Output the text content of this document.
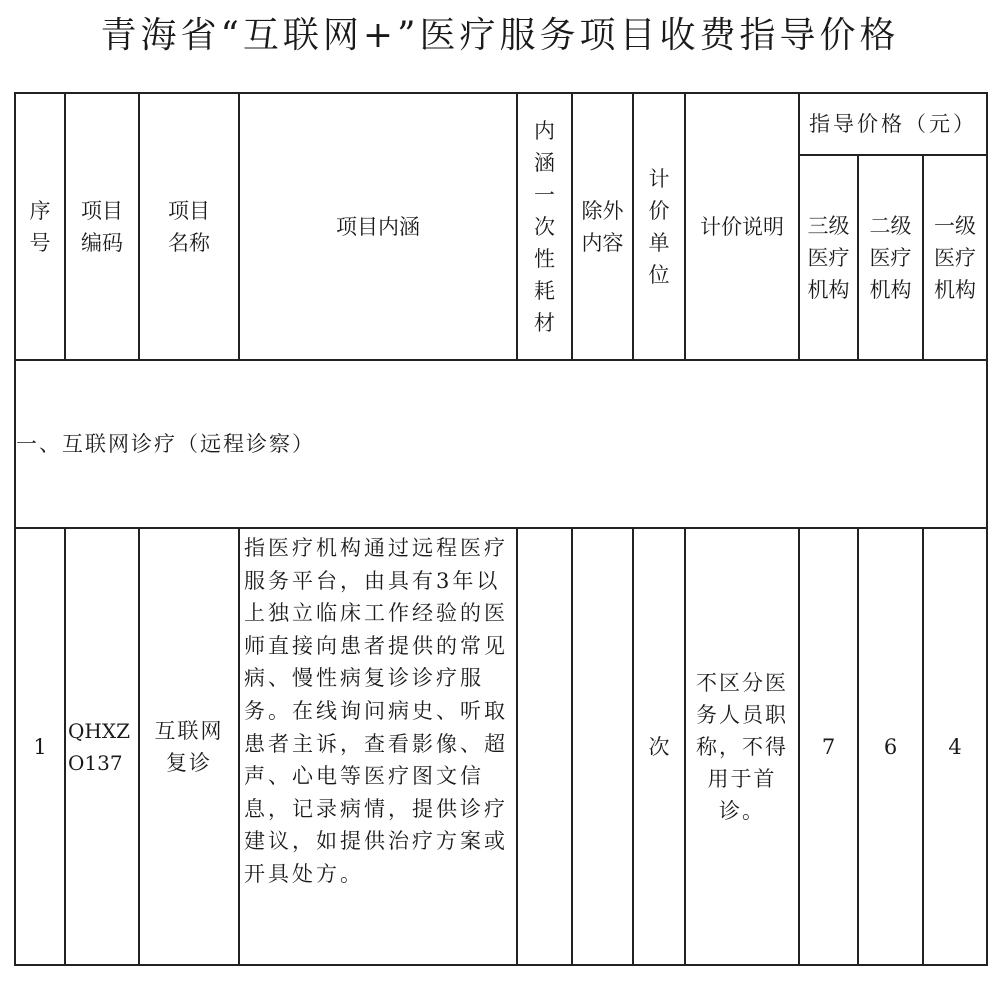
青海省“互联网+”医疗服务项目收费指导价格
序号	项目编码	项目名称	项目内涵	内涵一次性耗材	除外内容	计价单位	计价说明	指导价格（元）		
								三级医疗机构	二级医疗机构	一级医疗机构
一、互联网诊疗（远程诊察）										
1	QHXZO137	互联网复诊	指医疗机构通过远程医疗服务平台，由具有3年以上独立临床工作经验的医师直接向患者提供的常见病、慢性病复诊诊疗服务。在线询问病史、听取患者主诉，查看影像、超声、心电等医疗图文信息，记录病情，提供诊疗建议，如提供治疗方案或开具处方。			次	不区分医务人员职称，不得用于首诊。	7	6	4
